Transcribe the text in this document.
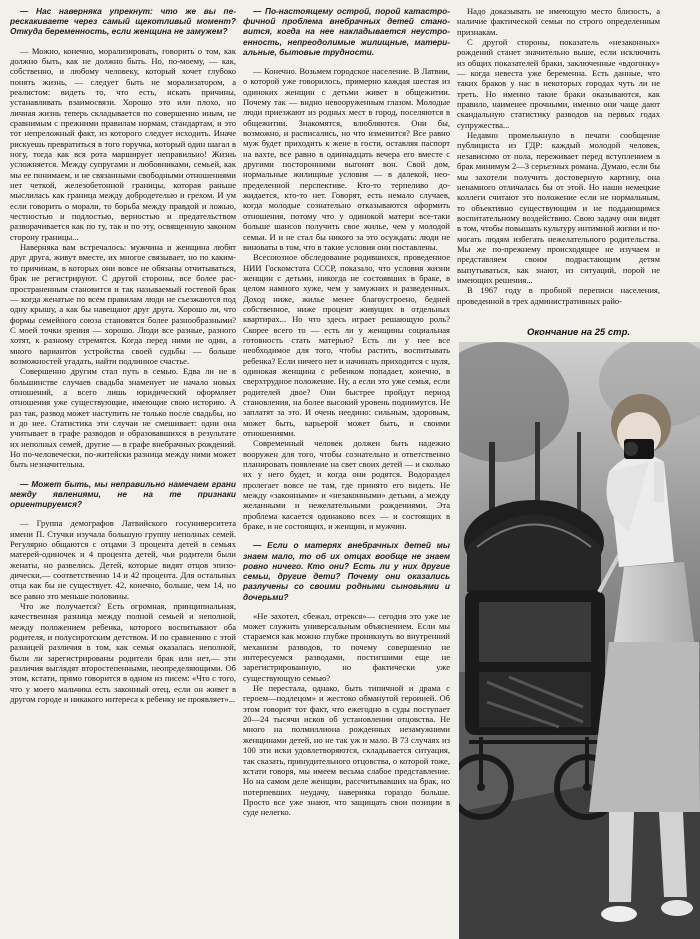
— Нас наверняка упрекнут: что же вы перескакиваете через самый щекотливый момент? Откуда беременность, если женщина не замужем?

— Можно, конечно, морализировать, говорить о том, как должно быть, как не должно быть. Но, по-моему, — как, собственно, и любому человеку, который хочет глубоко понять жизнь, — следует быть не морализатором, а реалистом: видеть то, что есть, искать причины, устанавливать взаимосвязи. Хорошо это или плохо, но личная жизнь теперь складывается по совершенно иным, не сравнимым с прежними правилам нормам, стандартам, и это тот непреложный факт, из которого следует исходить. Иначе рискуешь превратиться в того горучка, который один шагал в ногу, тогда как вся рота марширует неправильно! Жизнь усложняется. Между супругами и любовниками, семьей, как мы ее понимаем, и не связанными свободными отношениями нет четкой, железобетонной границы, которая раньше мыслилась как граница между добродетелью и грехом. И ум если говорить о морали, то борьба между правдой и ложью, честностью и подлостью, верностью и предательством разворачивается как по ту, так и по эту, освященную законом сторону границы...

Наверняка вам встречалось: мужчина и женщина любят друг друга, живут вместе, их многое связывает, но по каким-то причинам, в которых они вовсе не обязаны отчитываться, брак не регистрируют. С другой стороны, все более распространенным становится и так называемый гостевой брак — когда женатые по всем правилам люди не съезжаются под одну крышу, а как бы навещают друг друга. Хорошо ли, что формы семейного союза становятся более разнообразными? С моей точки зрения — хорошо. Люди все разные, разного хотят, к разному стремятся. Когда перед ними не один, а много вариантов устройства своей судьбы — больше возможностей угадать, найти подлинное счастье.

Совершенно другим стал путь в семью. Едва ли не в большинстве случаев свадьба знаменует не начало новых отношений, а всего лишь юридический оформляет отношения уже существующие, имеющие свою историю. А раз так, развод может наступить не только после свадьбы, но и до нее. Статистика эти случаи не смешивает: одни она учитывает в графе разводов и образовавшихся в результате их неполных семей, другие — в графе внебрачных рождений. Но по-человечески, по-житейски разница между ними может быть незначительна.

— Может быть, мы неправильно намечаем грани между явлениями, не на те признаки ориентируемся?

— Группа демографов Латвийского госуниверситета имени П. Стучки изучала большую группу неполных семей. Регулярно общаются с отцами 3 процента детей в семьях матерей-одиночек и 4 процента детей, чьи родители были женаты, но развелись. Детей, которые видят отцов эпизодически,— соответственно 14 и 42 процента. Для остальных отца как бы не существует. 42, конечно, больше, чем 14, но все равно это меньше половины.

Что же получается? Есть огромная, принципиальная, качественная разница между полной семьей и неполной, между положением ребенка, которого воспитывают оба родителя, и полусиротским детством. И по сравнению с этой разницей различия в том, как семья оказалась неполной, были ли зарегистрированы родители брак или нет,— эти различия выглядят второстепенными, неопределяющими. Об этом, кстати, прямо говорится в одном из писем: «Что с того, что у моего мальчика есть законный отец, если он живет в другом городе и никакого интереса к ребенку не проявляет»...

— По-настоящему острой, порой катастрофичной проблема внебрачных детей становится, когда на нее накладывается неустроенность, непреодолимые жилищные, материальные, бытовые трудности.

— Конечно. Возьмем городское население. В Латвии, о которой уже говорилось, примерно каждая шестая из одиноких женщин с детьми живет в общежитии. Почему так — видно невооруженным глазом. Молодые люди приезжают из родных мест в город, поселяются в общежитии. Знакомятся, влюбляются. Они бы, возможно, и расписались, но что изменится? Все равно муж будет приходить к жене в гости, оставляя паспорт на вахте, все равно в одиннадцать вечера его вместе с другими посторонними выгонят вон. Свой дом, нормальные жилищные условия — в далекой, неопределенной перспективе. Кто-то терпеливо дожидается, кто-то нет. Говорят, есть немало случаев, когда молодые сознательно отказываются оформить отношения, потому что у одинокой матери все-таки больше шансов получить свое жилье, чем у молодой семьи. И и не стал бы никого за это осуждать: люди не виноваты в том, что в такие условия они поставлены.

Всесоюзное обследование родившихся, проведенное НИИ Госкомстата СССР, показало, что условия жизни женщин с детьми, никогда не состоявших в браке, в целом намного хуже, чем у замужних и разведенных. Доход ниже, жилье менее благоустроено, бедней собственное, ниже процент живущих в отдельных квартирах... Но что здесь играет решающую роль? Скорее всего то — есть ли у женщины социальная готовность стать матерью? Есть ли у нее все необходимое для того, чтобы растить, воспитывать ребенка? Если ничего нет и начинать приходится с нуля, одинокая женщина с ребенком попадает, конечно, в сверхтрудное положение. Ну, а если это уже семья, если родителей двое? Они быстрее пройдут период становления, на более высокий уровень поднимутся. Не заплатят за это. И очень неедино: сильным, здоровым, может быть, карьерой может быть, и своими отношениями.

Современный человек должен быть надежно вооружен для того, чтобы сознательно и ответственно планировать появление на свет своих детей — и сколько их у него будет, и когда они родятся. Водораздел пролегает вовсе не там, где принято его видеть. Не между «законными» и «незаконными» детьми, а между желанными и нежелательными рождениями. Эта проблема касается одинаково всех — и состоящих в браке, и не состоящих, и женщин, и мужчин.

— Если о матерях внебрачных детей мы знаем мало, то об их отцах вообще не знаем ровно ничего. Кто они? Есть ли у них другие семьи, другие дети? Почему они оказались разлучены со своими родными сыновьями и дочерьми?

«Не захотел, сбежал, отрекся»— сегодня это уже не может служить универсальным объяснением. Если мы стараемся как можно глубже проникнуть во внутренний механизм разводов, то почему совершенно не интересуемся разводами, постигшими еще не зарегистрированную, но фактически уже существующую семью?

Не перестала, однако, быть типичной и драма с героем—подлецом» и жестоко обманутой героиней. Об этом говорит тот факт, что ежегодно в суды поступает 20—24 тысячи исков об установлении отцовства. Не много на полмиллиона рожденных незамужними женщинами детей, но не так уж и мало. В 73 случаях из 100 эти иски удовлетворяются, складывается ситуация, так сказать, принудительного отцовства, о которой тоже, кстати говоря, мы имеем весьма слабое представление. Но на самом деле женщин, рассчитывавших на брак, но потерпевших неудачу, наверняка гораздо больше. Просто все уже знают, что защищать свои позиции в суде нелегко.

Надо доказывать не имеющую место близость, а наличие фактической семьи по строго определенным признакам.

С другой стороны, показатель «незаконных» рождений станет значительно выше, если исключить из общих показателей браки, заключенные «вдогонку» — когда невеста уже беременна. Есть данные, что таких браков у нас в некоторых городах чуть ли не треть. Но именно такие браки оказываются, как правило, наименее прочными, именно они чаще дают скандальную статистику разводов на первых годах супружества...

Недавно промелькнуло в печати сообщение публициста из ГДР: каждый молодой человек, независимо от пола, переживает перед вступлением в брак минимум 2—3 серьезных романа. Думаю, если бы мы захотели получить достоверную картину, она ненамного отличалась бы от этой. Но наши немецкие коллеги считают это положение если не нормальным, то объективно существующим и не поддающимся воспитательному воздействию. Свою задачу они видят в том, чтобы повышать культуру интимной жизни и помогать людям избегать нежелательного родительства. Мы же по-прежнему происходящее не изучаем и представляем своим подрастающим детям выпутываться, как знают, из ситуаций, порой не имеющих решения...

В 1967 году в пробной переписи населения, проведенной в трех административных райо-

Окончание на 25 стр.
